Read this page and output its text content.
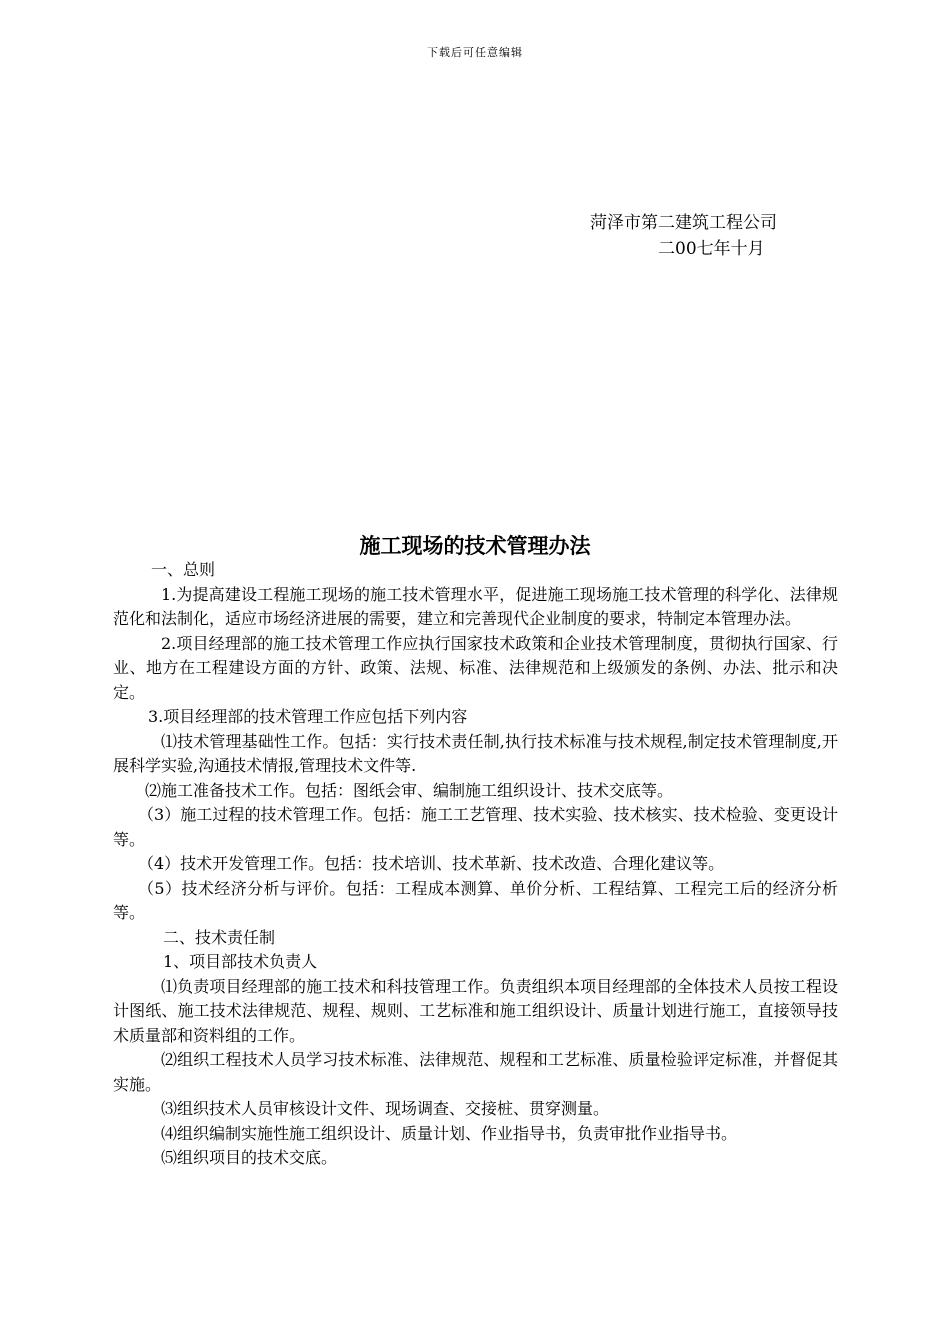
下载后可任意编辑
菏泽市第二建筑工程公司
二00七年十月
施工现场的技术管理办法

一、总则

1.为提高建设工程施工现场的施工技术管理水平，促进施工现场施工技术管理的科学化、法律规范化和法制化，适应市场经济进展的需要，建立和完善现代企业制度的要求，特制定本管理办法。

2.项目经理部的施工技术管理工作应执行国家技术政策和企业技术管理制度，贯彻执行国家、行业、地方在工程建设方面的方针、政策、法规、标准、法律规范和上级颁发的条例、办法、批示和决定。

3.项目经理部的技术管理工作应包括下列内容

⑴技术管理基础性工作。包括：实行技术责任制,执行技术标准与技术规程,制定技术管理制度,开展科学实验,沟通技术情报,管理技术文件等.

⑵施工准备技术工作。包括：图纸会审、编制施工组织设计、技术交底等。

（3）施工过程的技术管理工作。包括：施工工艺管理、技术实验、技术核实、技术检验、变更设计等。

（4）技术开发管理工作。包括：技术培训、技术革新、技术改造、合理化建议等。

（5）技术经济分析与评价。包括：工程成本测算、单价分析、工程结算、工程完工后的经济分析等。

二、技术责任制

1、项目部技术负责人

⑴负责项目经理部的施工技术和科技管理工作。负责组织本项目经理部的全体技术人员按工程设计图纸、施工技术法律规范、规程、规则、工艺标准和施工组织设计、质量计划进行施工，直接领导技术质量部和资料组的工作。

⑵组织工程技术人员学习技术标准、法律规范、规程和工艺标准、质量检验评定标准，并督促其实施。

⑶组织技术人员审核设计文件、现场调查、交接桩、贯穿测量。

⑷组织编制实施性施工组织设计、质量计划、作业指导书，负责审批作业指导书。

⑸组织项目的技术交底。
